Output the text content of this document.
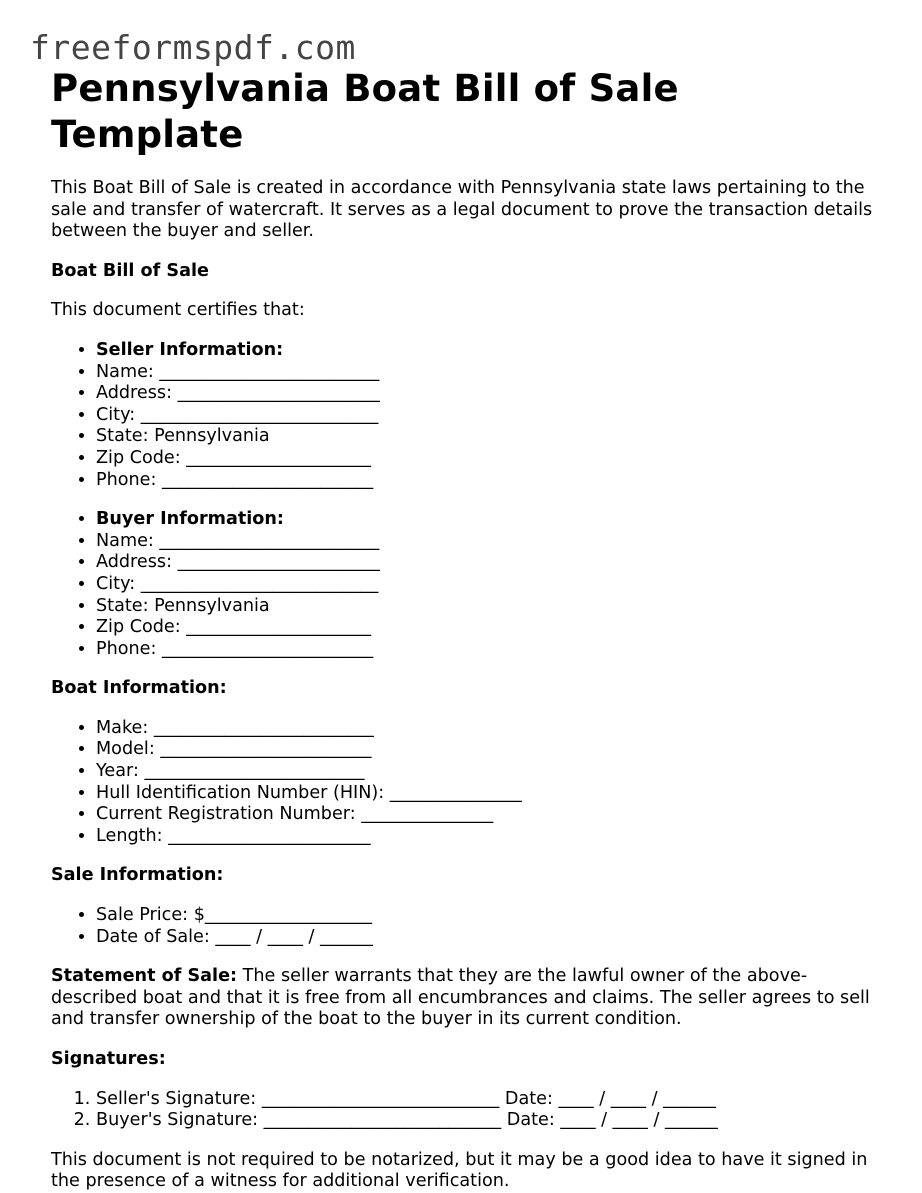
freeformspdf.com
Pennsylvania Boat Bill of Sale Template

This Boat Bill of Sale is created in accordance with Pennsylvania state laws pertaining to the sale and transfer of watercraft. It serves as a legal document to prove the transaction details between the buyer and seller.

Boat Bill of Sale

This document certifies that:

• Seller Information:
• Name: _________________________
• Address: _______________________
• City: ___________________________
• State: Pennsylvania
• Zip Code: _____________________
• Phone: ________________________
• Buyer Information:
• Name: _________________________
• Address: _______________________
• City: ___________________________
• State: Pennsylvania
• Zip Code: _____________________
• Phone: ________________________

Boat Information:

• Make: _________________________
• Model: ________________________
• Year: _________________________
• Hull Identification Number (HIN): _______________
• Current Registration Number: _______________
• Length: _______________________

Sale Information:

• Sale Price: $___________________
• Date of Sale: ____ / ____ / ______

Statement of Sale: The seller warrants that they are the lawful owner of the above-described boat and that it is free from all encumbrances and claims. The seller agrees to sell and transfer ownership of the boat to the buyer in its current condition.

Signatures:

1. Seller's Signature: ___________________________ Date: ____ / ____ / ______
2. Buyer's Signature: ___________________________ Date: ____ / ____ / ______

This document is not required to be notarized, but it may be a good idea to have it signed in the presence of a witness for additional verification.
